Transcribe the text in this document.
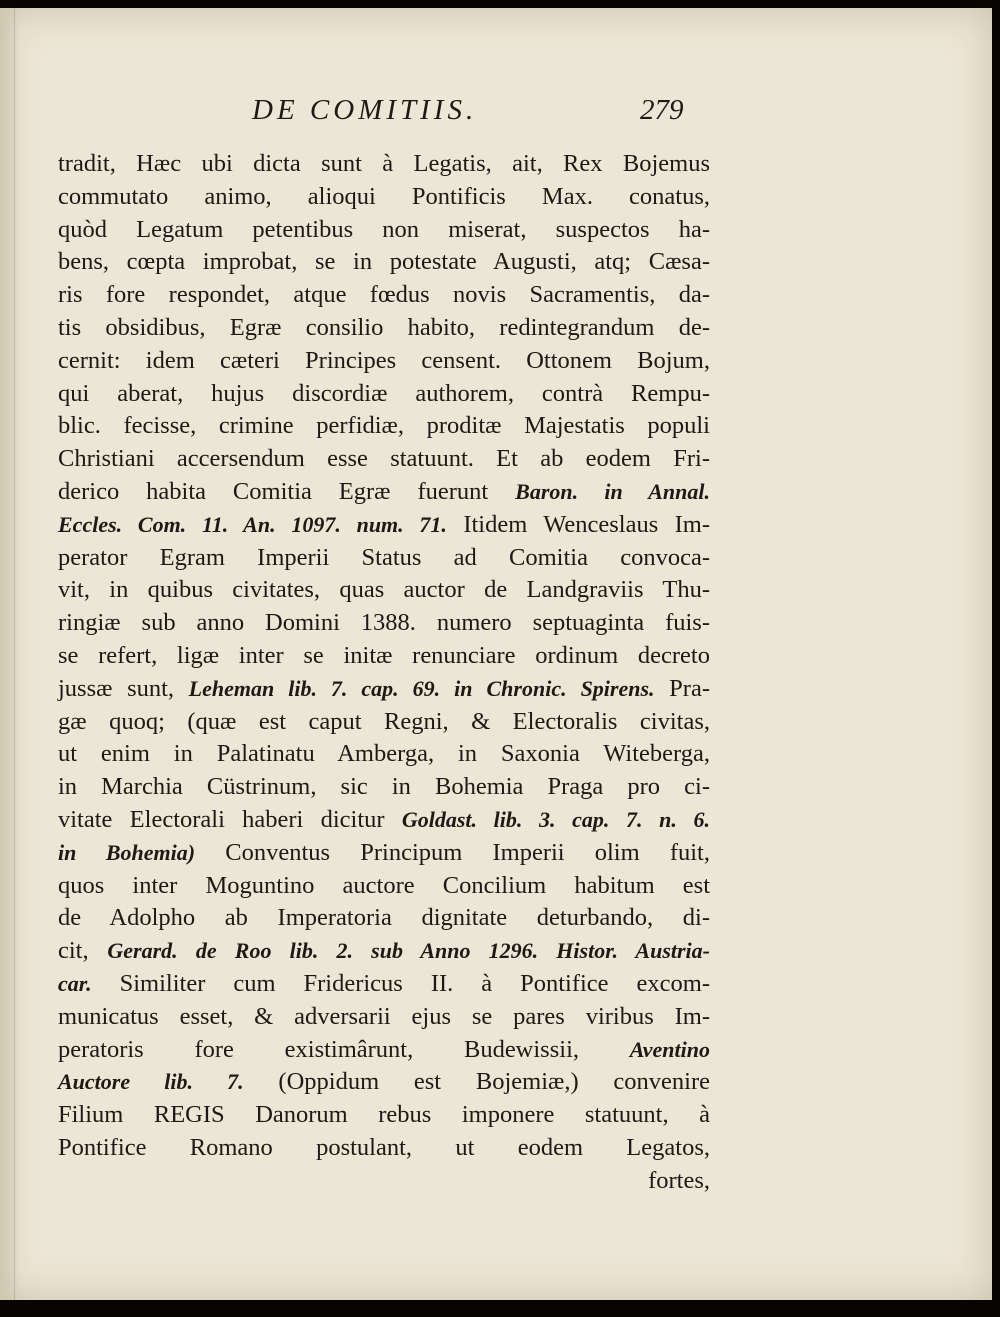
DE COMITIIS.	279
tradit, Hæc ubi dicta sunt à Legatis, ait, Rex Bojemus
commutato animo, alioqui Pontificis Max. conatus,
quòd Legatum petentibus non miserat, suspectos ha-
bens, cœpta improbat, se in potestate Augusti, atq; Cæsa-
ris fore respondet, atque fœdus novis Sacramentis, da-
tis obsidibus, Egræ consilio habito, redintegrandum de-
cernit: idem cæteri Principes censent. Ottonem Bojum,
qui aberat, hujus discordiæ authorem, contrà Rempu-
blic. fecisse, crimine perfidiæ, proditæ Majestatis populi
Christiani accersendum esse statuunt. Et ab eodem Fri-
derico habita Comitia Egræ fuerunt Baron. in Annal.
Eccles. Com. 11. An. 1097. num. 71. Itidem Wenceslaus Im-
perator Egram Imperii Status ad Comitia convoca-
vit, in quibus civitates, quas auctor de Landgraviis Thu-
ringiæ sub anno Domini 1388. numero septuaginta fuis-
se refert, ligæ inter se initæ renunciare ordinum decreto
jussæ sunt, Leheman lib. 7. cap. 69. in Chronic. Spirens. Pra-
gæ quoq; (quæ est caput Regni, & Electoralis civitas,
ut enim in Palatinatu Amberga, in Saxonia Witeberga,
in Marchia Cüstrinum, sic in Bohemia Praga pro ci-
vitate Electorali haberi dicitur Goldast. lib. 3. cap. 7. n. 6.
in Bohemia) Conventus Principum Imperii olim fuit,
quos inter Moguntino auctore Concilium habitum est
de Adolpho ab Imperatoria dignitate deturbando, di-
cit, Gerard. de Roo lib. 2. sub Anno 1296. Histor. Austria-
car. Similiter cum Fridericus II. à Pontifice excom-
municatus esset, & adversarii ejus se pares viribus Im-
peratoris fore existimârunt, Budewissii, Aventino
Auctore lib. 7. (Oppidum est Bojemiæ,) convenire
Filium REGIS Danorum rebus imponere statuunt, à
Pontifice Romano postulant, ut eodem Legatos,
fortes,
